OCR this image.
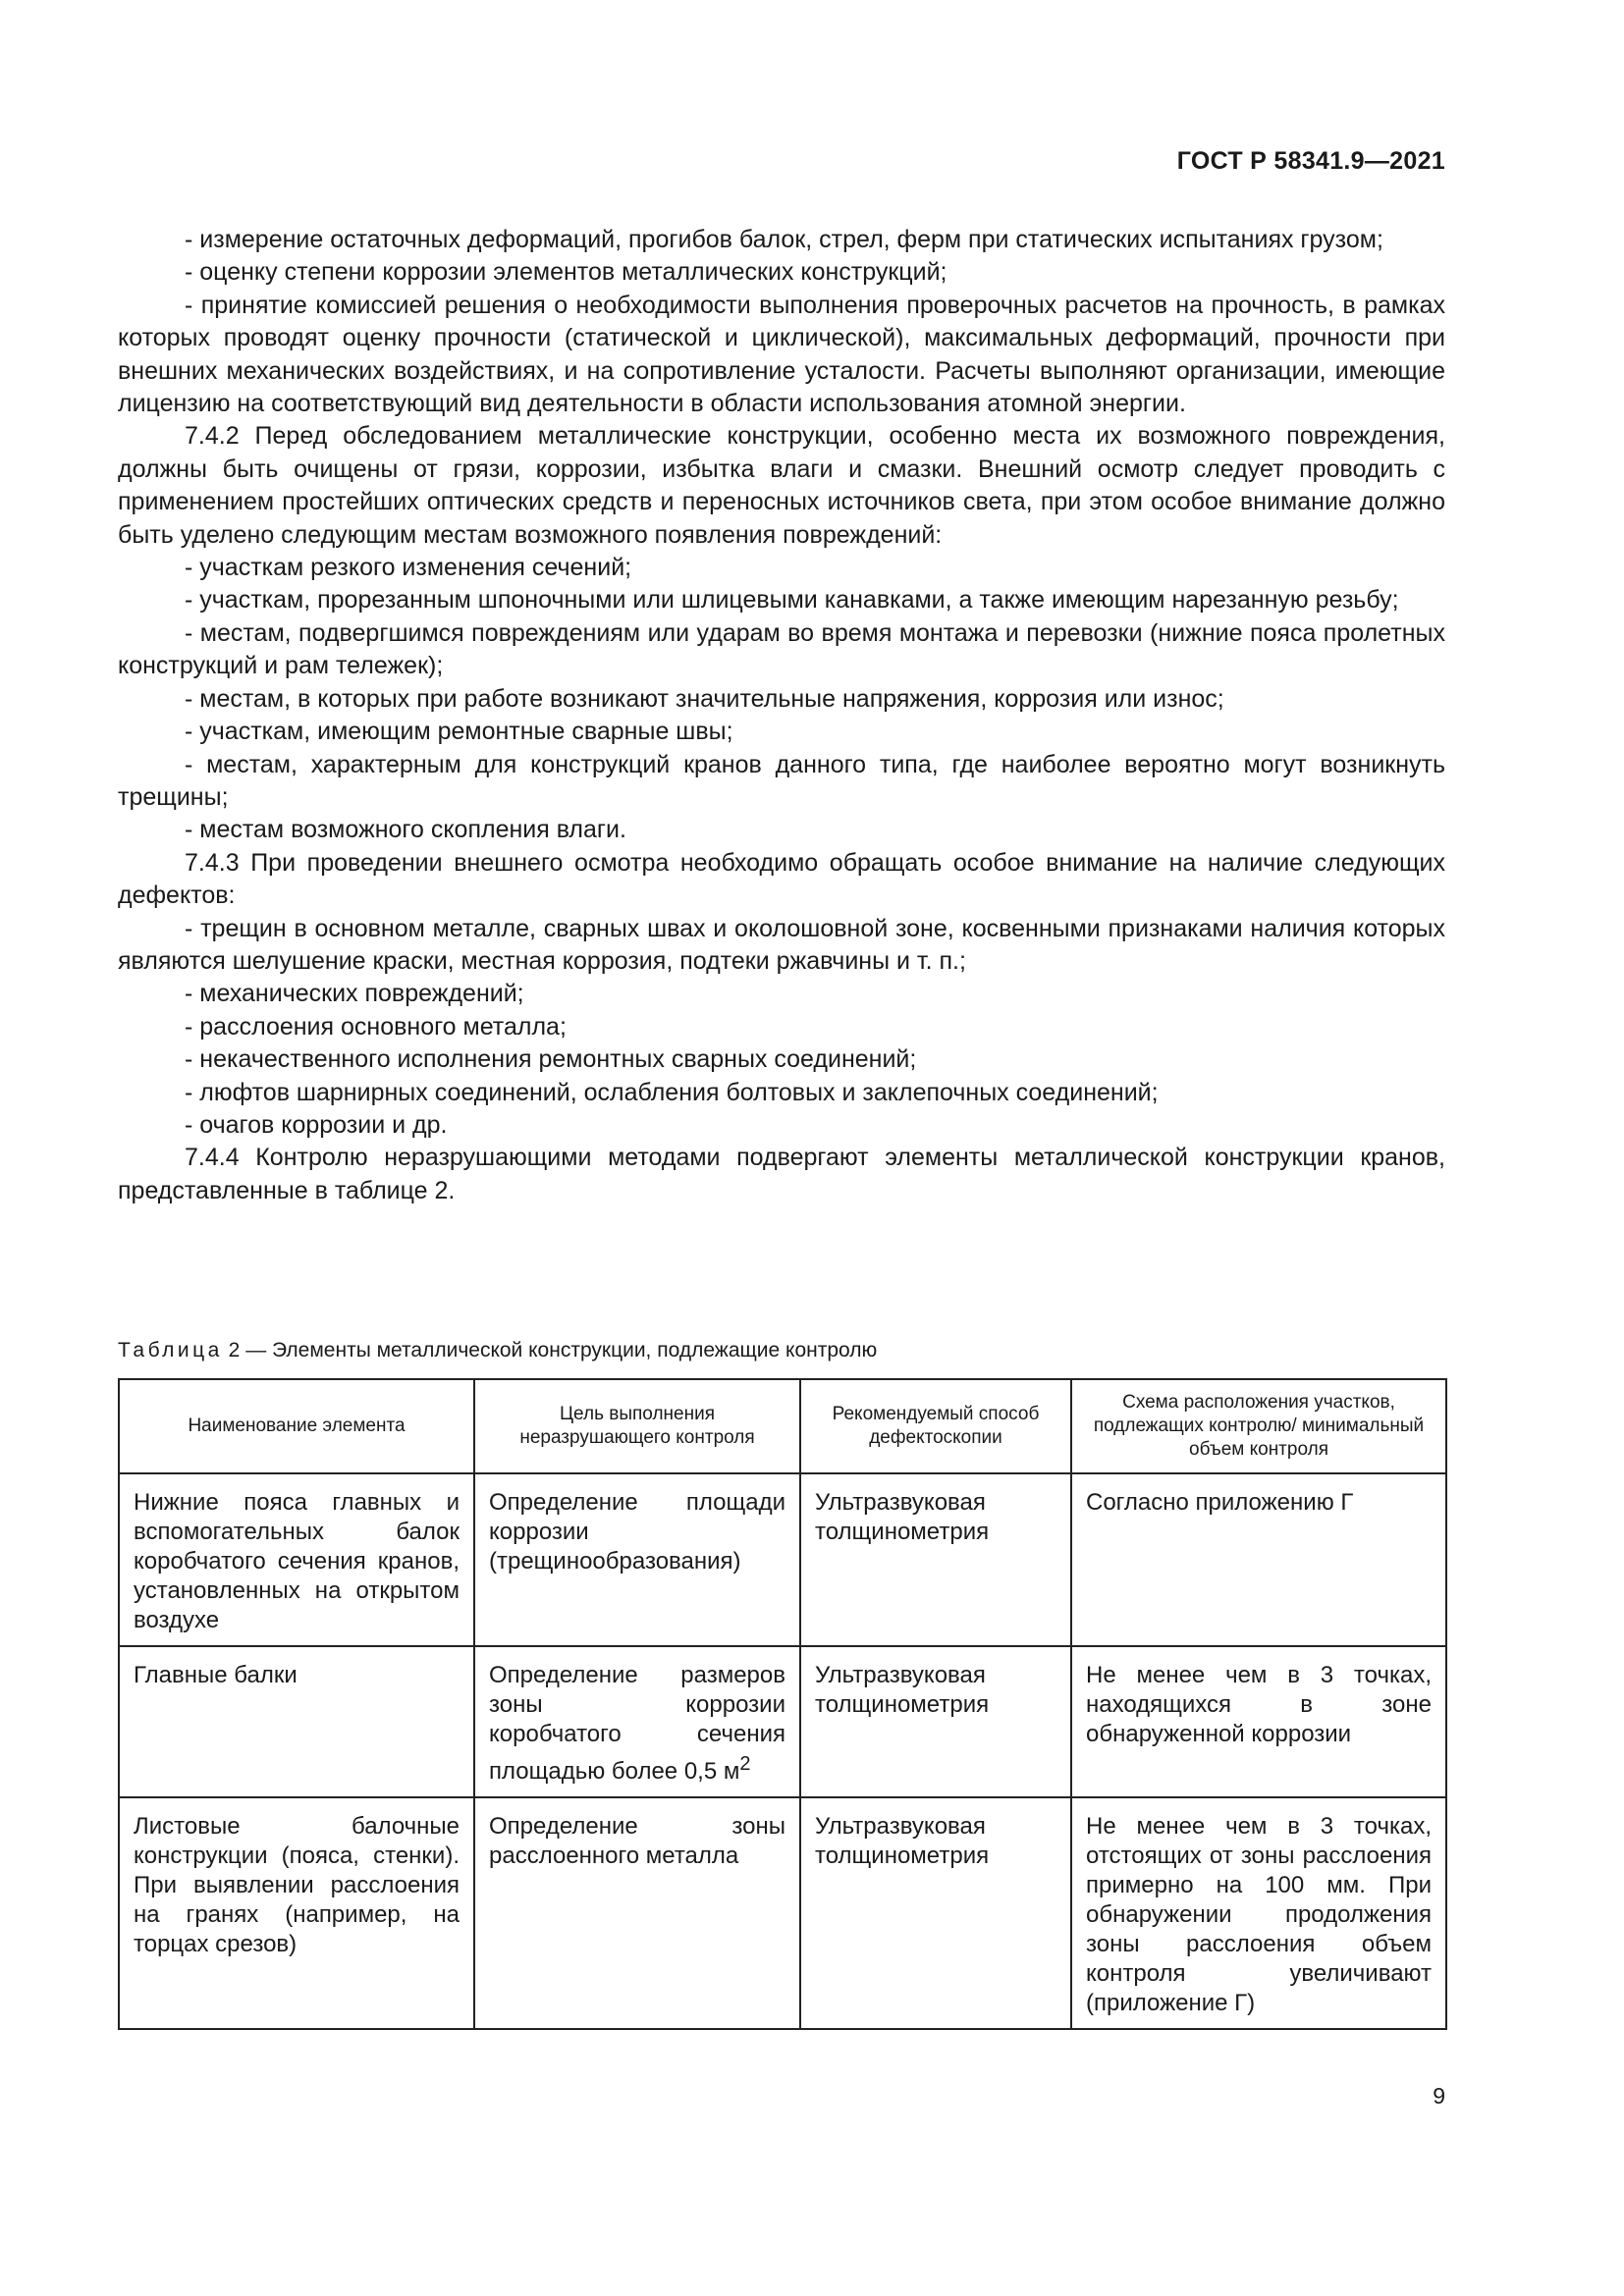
ГОСТ Р 58341.9—2021

- измерение остаточных деформаций, прогибов балок, стрел, ферм при статических испытаниях грузом;

- оценку степени коррозии элементов металлических конструкций;

- принятие комиссией решения о необходимости выполнения проверочных расчетов на прочность, в рамках которых проводят оценку прочности (статической и циклической), максимальных деформаций, прочности при внешних механических воздействиях, и на сопротивление усталости. Расчеты выполняют организации, имеющие лицензию на соответствующий вид деятельности в области использования атомной энергии.

7.4.2 Перед обследованием металлические конструкции, особенно места их возможного повреждения, должны быть очищены от грязи, коррозии, избытка влаги и смазки. Внешний осмотр следует проводить с применением простейших оптических средств и переносных источников света, при этом особое внимание должно быть уделено следующим местам возможного появления повреждений:

- участкам резкого изменения сечений;

- участкам, прорезанным шпоночными или шлицевыми канавками, а также имеющим нарезанную резьбу;

- местам, подвергшимся повреждениям или ударам во время монтажа и перевозки (нижние пояса пролетных конструкций и рам тележек);

- местам, в которых при работе возникают значительные напряжения, коррозия или износ;

- участкам, имеющим ремонтные сварные швы;

- местам, характерным для конструкций кранов данного типа, где наиболее вероятно могут возникнуть трещины;

- местам возможного скопления влаги.

7.4.3 При проведении внешнего осмотра необходимо обращать особое внимание на наличие следующих дефектов:

- трещин в основном металле, сварных швах и околошовной зоне, косвенными признаками наличия которых являются шелушение краски, местная коррозия, подтеки ржавчины и т. п.;

- механических повреждений;

- расслоения основного металла;

- некачественного исполнения ремонтных сварных соединений;

- люфтов шарнирных соединений, ослабления болтовых и заклепочных соединений;

- очагов коррозии и др.

7.4.4 Контролю неразрушающими методами подвергают элементы металлической конструкции кранов, представленные в таблице 2.

Таблица 2 — Элементы металлической конструкции, подлежащие контролю
Наименование элемента	Цель выполнения неразрушающего контроля	Рекомендуемый способ дефектоскопии	Схема расположения участков, подлежащих контролю/ минимальный объем контроля
Нижние пояса главных и вспомогательных балок коробчатого сечения кранов, установленных на открытом воздухе	Определение площади коррозии (трещинообразования)	Ультразвуковая толщинометрия	Согласно приложению Г
Главные балки	Определение размеров зоны коррозии коробчатого сечения площадью более 0,5 $м^2$	Ультразвуковая толщинометрия	Не менее чем в 3 точках, находящихся в зоне обнаруженной коррозии
Листовые балочные конструкции (пояса, стенки). При выявлении расслоения на гранях (например, на торцах срезов)	Определение зоны расслоенного металла	Ультразвуковая толщинометрия	Не менее чем в 3 точках, отстоящих от зоны расслоения примерно на 100 мм. При обнаружении продолжения зоны расслоения объем контроля увеличивают (приложение Г)
9
